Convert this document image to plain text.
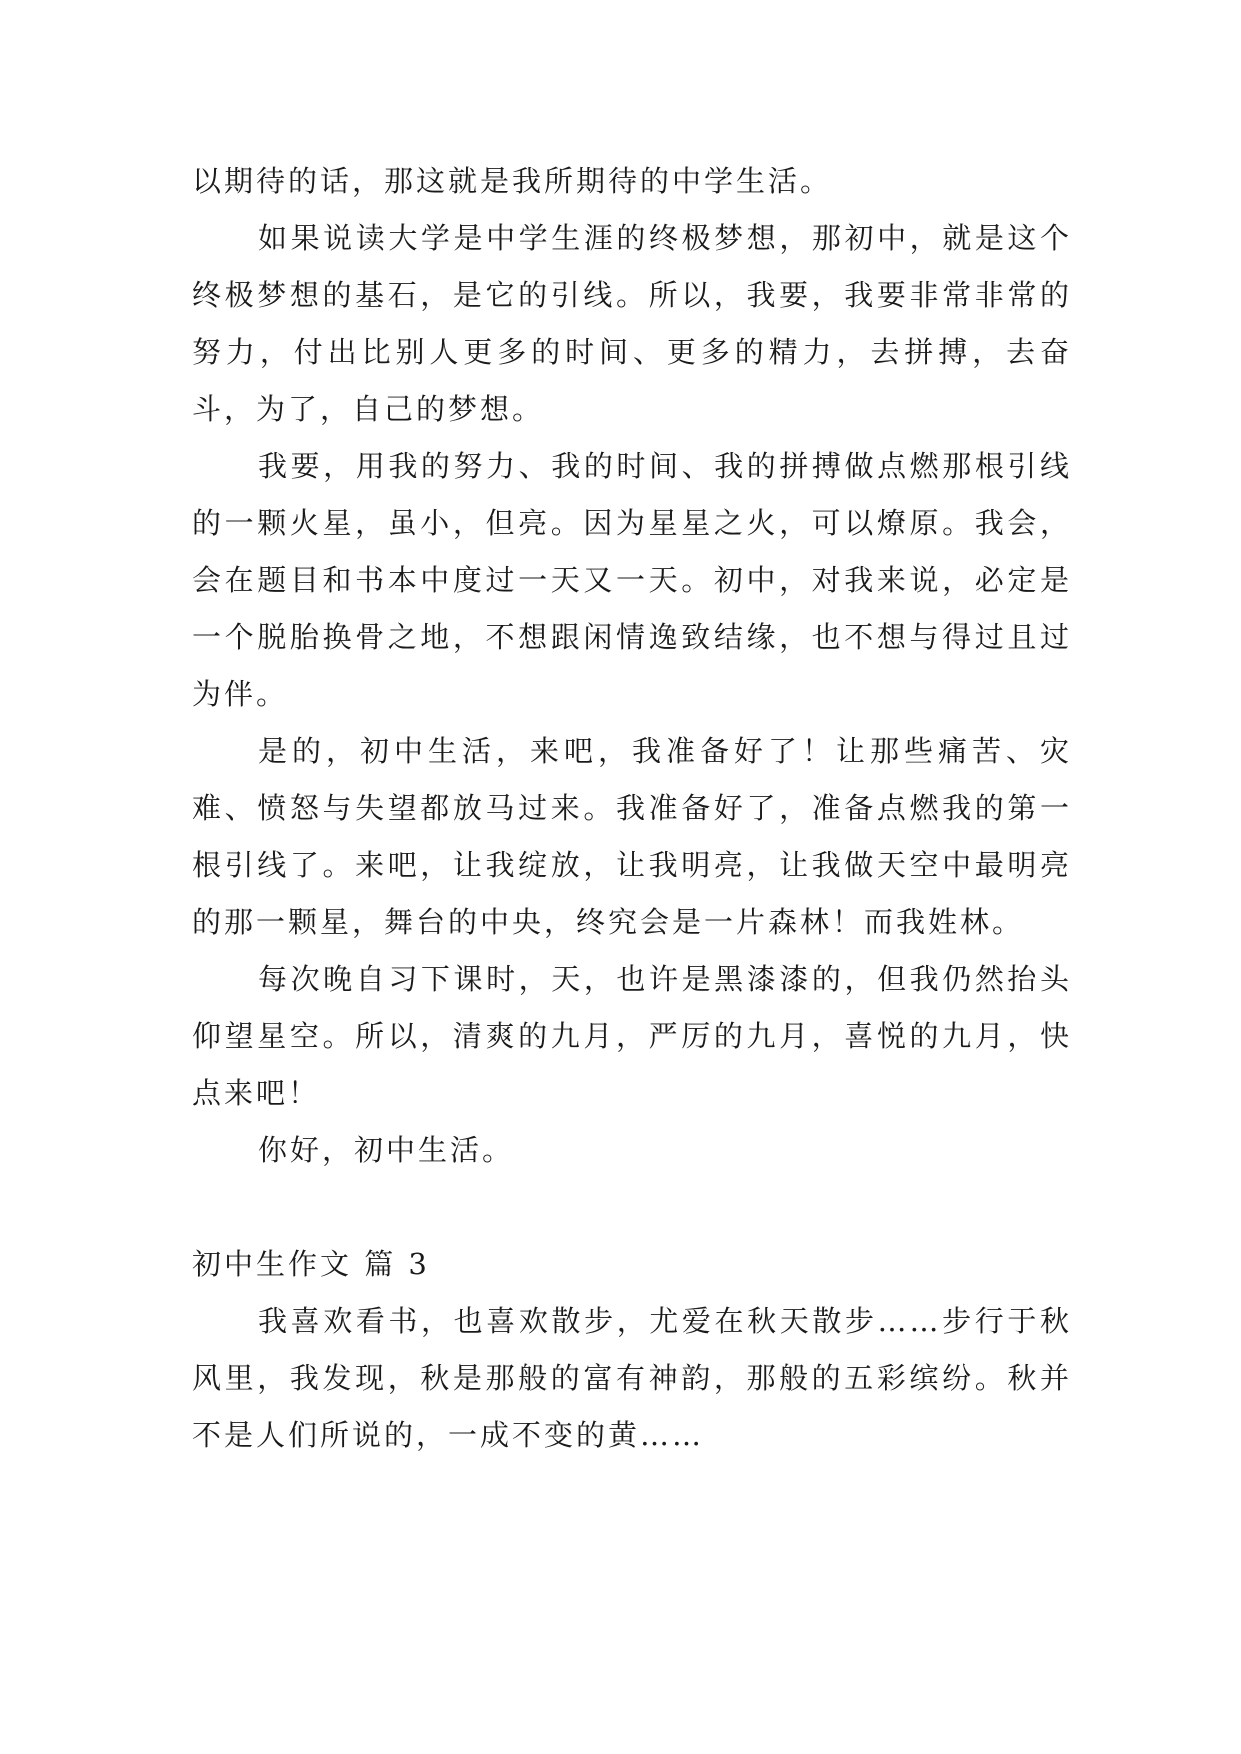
以期待的话，那这就是我所期待的中学生活。

如果说读大学是中学生涯的终极梦想，那初中，就是这个终极梦想的基石，是它的引线。所以，我要，我要非常非常的努力，付出比别人更多的时间、更多的精力，去拼搏，去奋斗，为了，自己的梦想。

我要，用我的努力、我的时间、我的拼搏做点燃那根引线的一颗火星，虽小，但亮。因为星星之火，可以燎原。我会，会在题目和书本中度过一天又一天。初中，对我来说，必定是一个脱胎换骨之地，不想跟闲情逸致结缘，也不想与得过且过为伴。

是的，初中生活，来吧，我准备好了！让那些痛苦、灾难、愤怒与失望都放马过来。我准备好了，准备点燃我的第一根引线了。来吧，让我绽放，让我明亮，让我做天空中最明亮的那一颗星，舞台的中央，终究会是一片森林！而我姓林。

每次晚自习下课时，天，也许是黑漆漆的，但我仍然抬头仰望星空。所以，清爽的九月，严厉的九月，喜悦的九月，快点来吧！

你好，初中生活。

初中生作文 篇 3

我喜欢看书，也喜欢散步，尤爱在秋天散步……步行于秋风里，我发现，秋是那般的富有神韵，那般的五彩缤纷。秋并不是人们所说的，一成不变的黄……
